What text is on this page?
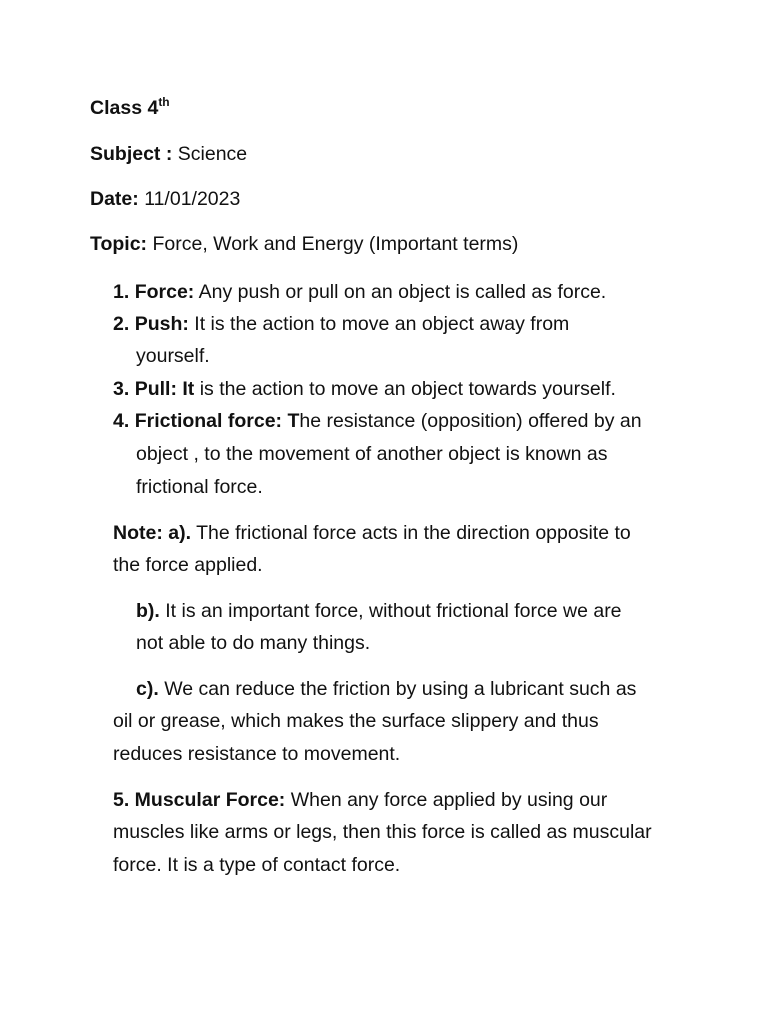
Class 4th
Subject : Science
Date: 11/01/2023
Topic: Force, Work and Energy (Important terms)
1. Force: Any push or pull on an object is called as force.
2. Push: It is the action to move an object away from
yourself.
3. Pull: It is the action to move an object towards yourself.
4. Frictional force: The resistance (opposition) offered by an
object , to the movement of another object is known as
frictional force.
Note: a). The frictional force acts in the direction opposite to
the force applied.
b). It is an important force, without frictional force we are
not able to do many things.
c). We can reduce the friction by using a lubricant such as
oil or grease, which makes the surface slippery and thus
reduces resistance to movement.
5. Muscular Force: When any force applied by using our
muscles like arms or legs, then this force is called as muscular
force. It is a type of contact force.
